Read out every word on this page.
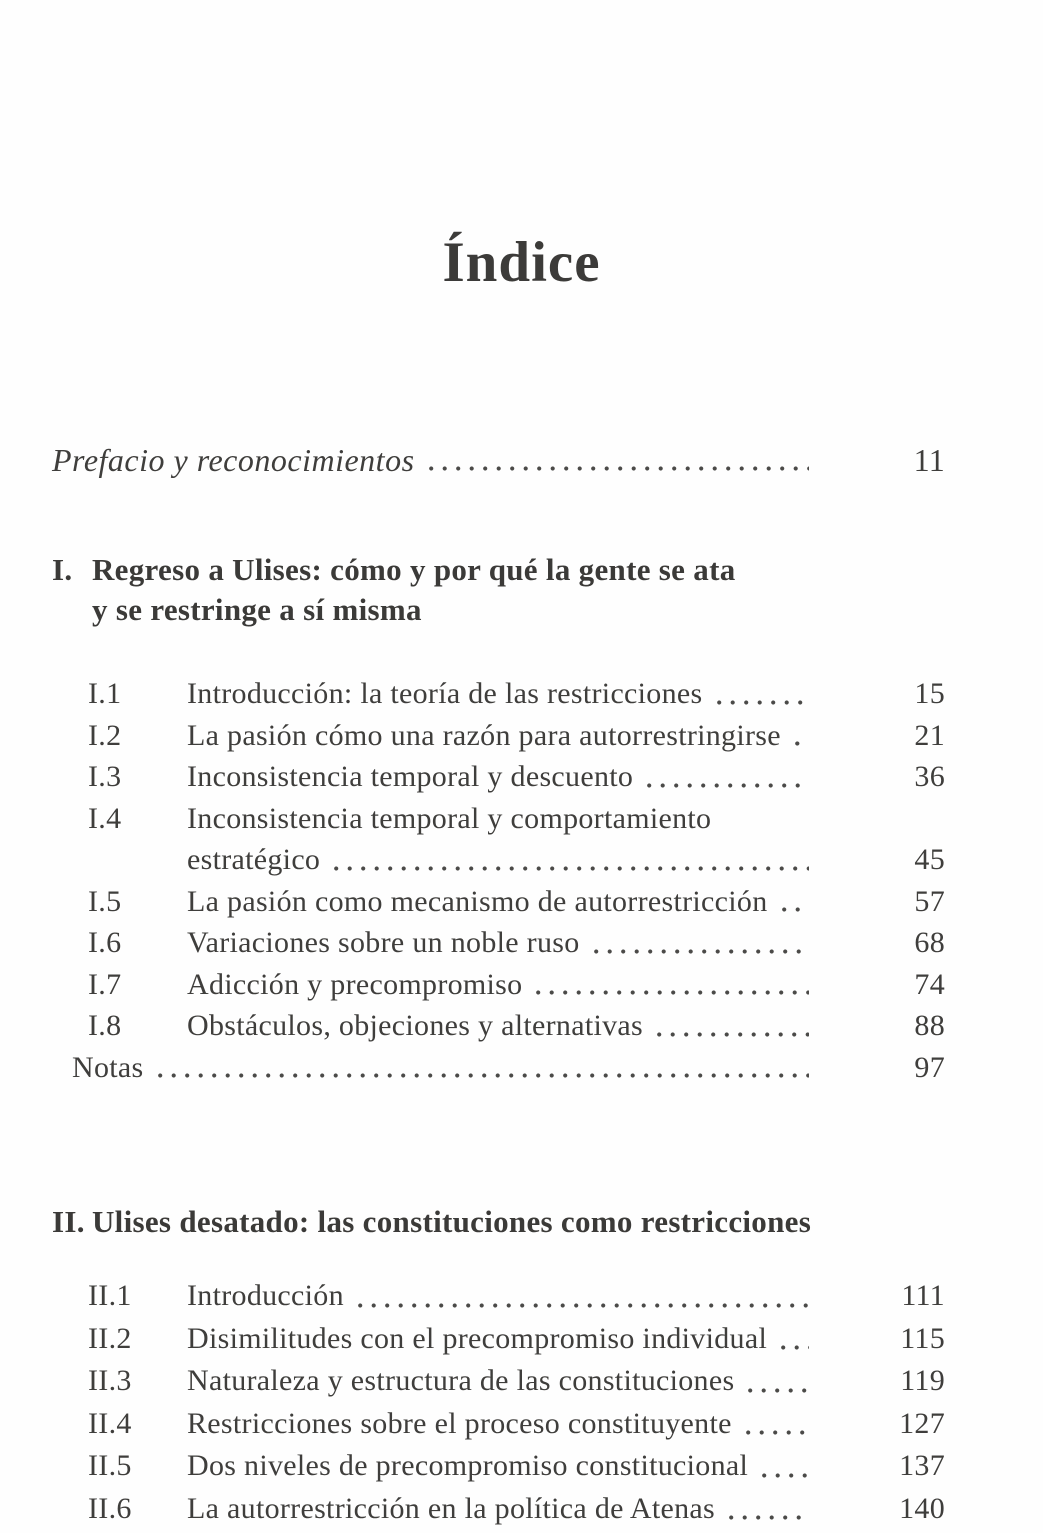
Índice
Prefacio y reconocimientos	11
I. Regreso a Ulises: cómo y por qué la gente se ata
y se restringe a sí misma
I.1	Introducción: la teoría de las restricciones	15
I.2	La pasión cómo una razón para autorrestringirse	21
I.3	Inconsistencia temporal y descuento	36
I.4	Inconsistencia temporal y comportamiento
estratégico	45
I.5	La pasión como mecanismo de autorrestricción	57
I.6	Variaciones sobre un noble ruso	68
I.7	Adicción y precompromiso	74
I.8	Obstáculos, objeciones y alternativas	88
Notas	97
II. Ulises desatado: las constituciones como restricciones
II.1	Introducción	111
II.2	Disimilitudes con el precompromiso individual	115
II.3	Naturaleza y estructura de las constituciones	119
II.4	Restricciones sobre el proceso constituyente	127
II.5	Dos niveles de precompromiso constitucional	137
II.6	La autorrestricción en la política de Atenas	140
